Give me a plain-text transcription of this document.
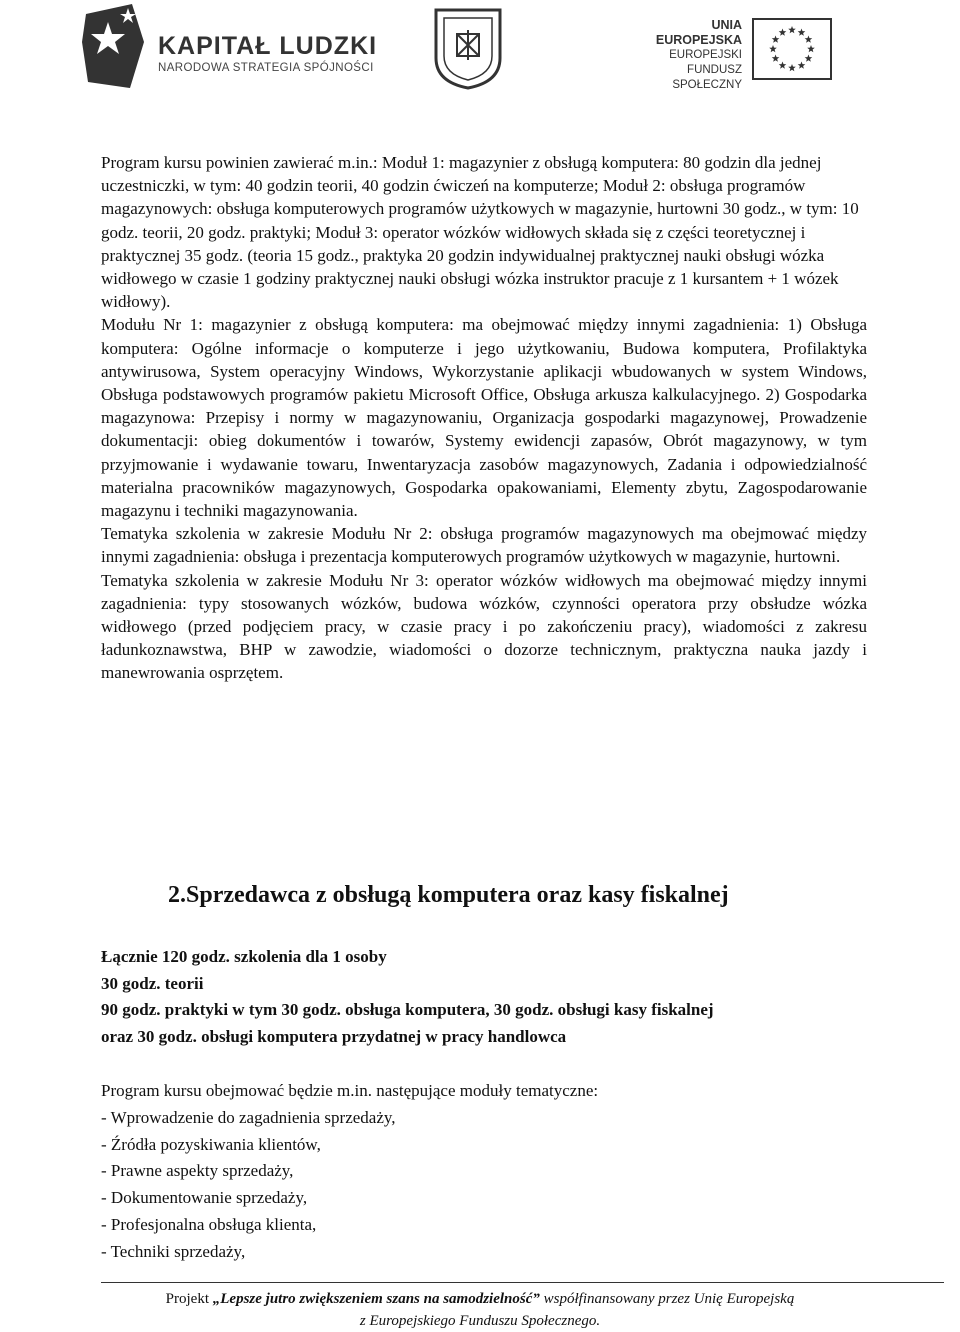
KAPITAŁ LUDZKI
NARODOWA STRATEGIA SPÓJNOŚCI
UNIA EUROPEJSKA
EUROPEJSKI
FUNDUSZ SPOŁECZNY

Program kursu powinien zawierać m.in.: Moduł 1: magazynier z obsługą komputera: 80 godzin dla jednej uczestniczki, w tym: 40 godzin teorii, 40 godzin ćwiczeń na komputerze; Moduł 2: obsługa programów magazynowych: obsługa komputerowych programów użytkowych w magazynie, hurtowni 30 godz., w tym: 10 godz. teorii, 20 godz. praktyki; Moduł 3: operator wózków widłowych składa się z części teoretycznej i praktycznej 35 godz. (teoria 15 godz., praktyka 20 godzin indywidualnej praktycznej nauki obsługi wózka widłowego w czasie 1 godziny praktycznej nauki obsługi wózka instruktor pracuje z 1 kursantem + 1 wózek widłowy).

Modułu Nr 1: magazynier z obsługą komputera: ma obejmować między innymi zagadnienia: 1) Obsługa komputera: Ogólne informacje o komputerze i jego użytkowaniu, Budowa komputera, Profilaktyka antywirusowa, System operacyjny Windows, Wykorzystanie aplikacji wbudowanych w system Windows, Obsługa podstawowych programów pakietu Microsoft Office, Obsługa arkusza kalkulacyjnego. 2) Gospodarka magazynowa: Przepisy i normy w magazynowaniu, Organizacja gospodarki magazynowej, Prowadzenie dokumentacji: obieg dokumentów i towarów, Systemy ewidencji zapasów, Obrót magazynowy, w tym przyjmowanie i wydawanie towaru, Inwentaryzacja zasobów magazynowych, Zadania i odpowiedzialność materialna pracowników magazynowych, Gospodarka opakowaniami, Elementy zbytu, Zagospodarowanie magazynu i techniki magazynowania.

Tematyka szkolenia w zakresie Modułu Nr 2: obsługa programów magazynowych ma obejmować między innymi zagadnienia: obsługa i prezentacja komputerowych programów użytkowych w magazynie, hurtowni.

Tematyka szkolenia w zakresie Modułu Nr 3: operator wózków widłowych ma obejmować między innymi zagadnienia: typy stosowanych wózków, budowa wózków, czynności operatora przy obsłudze wózka widłowego (przed podjęciem pracy, w czasie pracy i po zakończeniu pracy), wiadomości z zakresu ładunkoznawstwa, BHP w zawodzie, wiadomości o dozorze technicznym, praktyczna nauka jazdy i manewrowania osprzętem.

2.Sprzedawca z obsługą komputera oraz kasy fiskalnej

Łącznie 120 godz. szkolenia dla 1 osoby

30 godz. teorii

90 godz. praktyki w tym 30 godz. obsługa komputera, 30 godz. obsługi kasy fiskalnej

oraz 30 godz. obsługi komputera przydatnej w pracy handlowca

Program kursu obejmować będzie m.in. następujące moduły tematyczne:

- Wprowadzenie do zagadnienia sprzedaży,
- Źródła pozyskiwania klientów,
- Prawne aspekty sprzedaży,
- Dokumentowanie sprzedaży,
- Profesjonalna obsługa klienta,
- Techniki sprzedaży,

Projekt „Lepsze jutro zwiększeniem szans na samodzielność” współfinansowany przez Unię Europejską

z Europejskiego Funduszu Społecznego.
